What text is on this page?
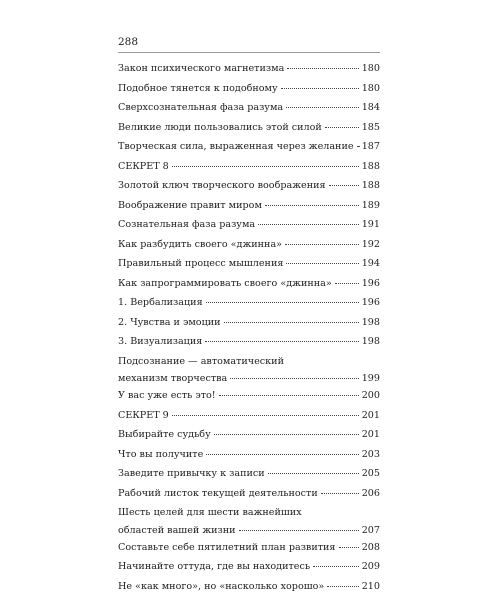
288
Закон психического магнетизма	180
Подобное тянется к подобному	180
Сверхсознательная фаза разума	184
Великие люди пользовались этой силой	185
Творческая сила, выраженная через желание 187
СЕКРЕТ 8	188
Золотой ключ творческого воображения	188
Воображение правит миром	189
Сознательная фаза разума	191
Как разбудить своего «джинна»	192
Правильный процесс мышления	194
Как запрограммировать своего «джинна»	196
1. Вербализация	196
2. Чувства и эмоции	198
3. Визуализация	198
Подсознание — автоматический
механизм творчества	199
У вас уже есть это!	200
СЕКРЕТ 9	201
Выбирайте судьбу	201
Что вы получите	203
Заведите привычку к записи	205
Рабочий листок текущей деятельности	206
Шесть целей для шести важнейших
областей вашей жизни	207
Составьте себе пятилетний план развития	208
Начинайте оттуда, где вы находитесь	209
Не «как много», но «насколько хорошо»	210
